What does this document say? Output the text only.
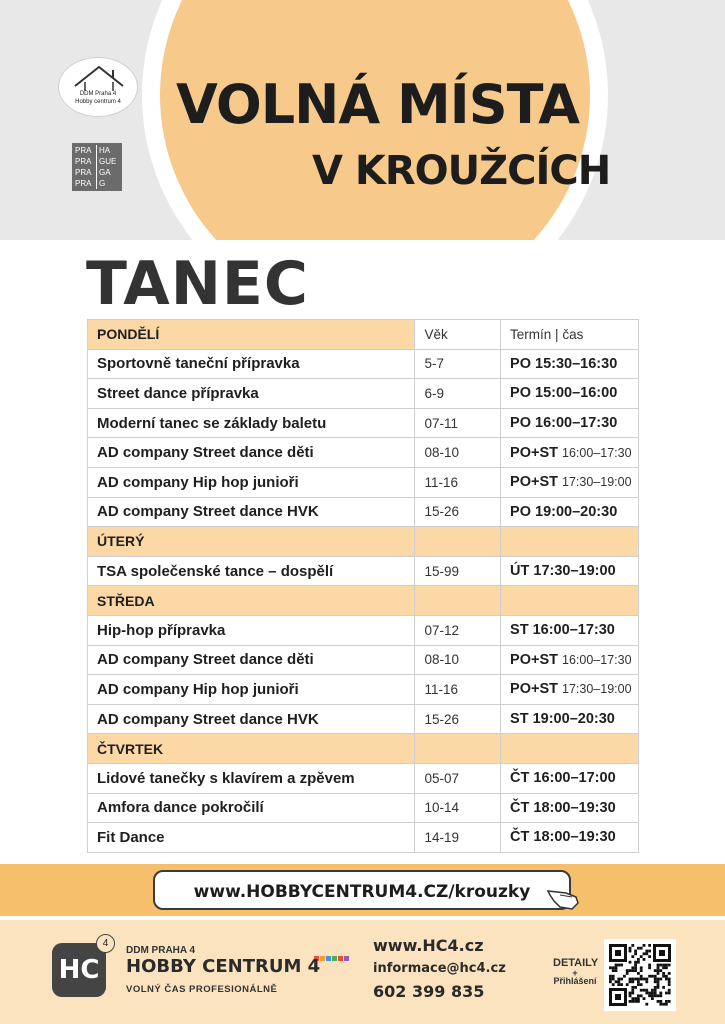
DDM Praha 4
Hobby centrum 4
PRA
PRA
PRA
PRA
HA
GUE
GA
G
VOLNÁ MÍSTA
V KROUŽCÍCH
TANEC
PONDĚLÍ	Věk	Termín | čas
Sportovně taneční přípravka	5-7	PO 15:30–16:30
Street dance přípravka	6-9	PO 15:00–16:00
Moderní tanec se základy baletu	07-11	PO 16:00–17:30
AD company Street dance děti	08-10	PO+ST 16:00–17:30
AD company Hip hop junioři	11-16	PO+ST 17:30–19:00
AD company Street dance HVK	15-26	PO 19:00–20:30
ÚTERÝ		
TSA společenské tance – dospělí	15-99	ÚT 17:30–19:00
STŘEDA		
Hip-hop přípravka	07-12	ST 16:00–17:30
AD company Street dance děti	08-10	PO+ST 16:00–17:30
AD company Hip hop junioři	11-16	PO+ST 17:30–19:00
AD company Street dance HVK	15-26	ST 19:00–20:30
ČTVRTEK		
Lidové tanečky s klavírem a zpěvem	05-07	ČT 16:00–17:00
Amfora dance pokročilí	10-14	ČT 18:00–19:30
Fit Dance	14-19	ČT 18:00–19:30
www.HOBBYCENTRUM4.CZ/krouzky
HC
4
DDM PRAHA 4
HOBBY CENTRUM 4
VOLNÝ ČAS PROFESIONÁLNĚ
www.HC4.cz
informace@hc4.cz
602 399 835
DETAILY
+
Přihlášení
